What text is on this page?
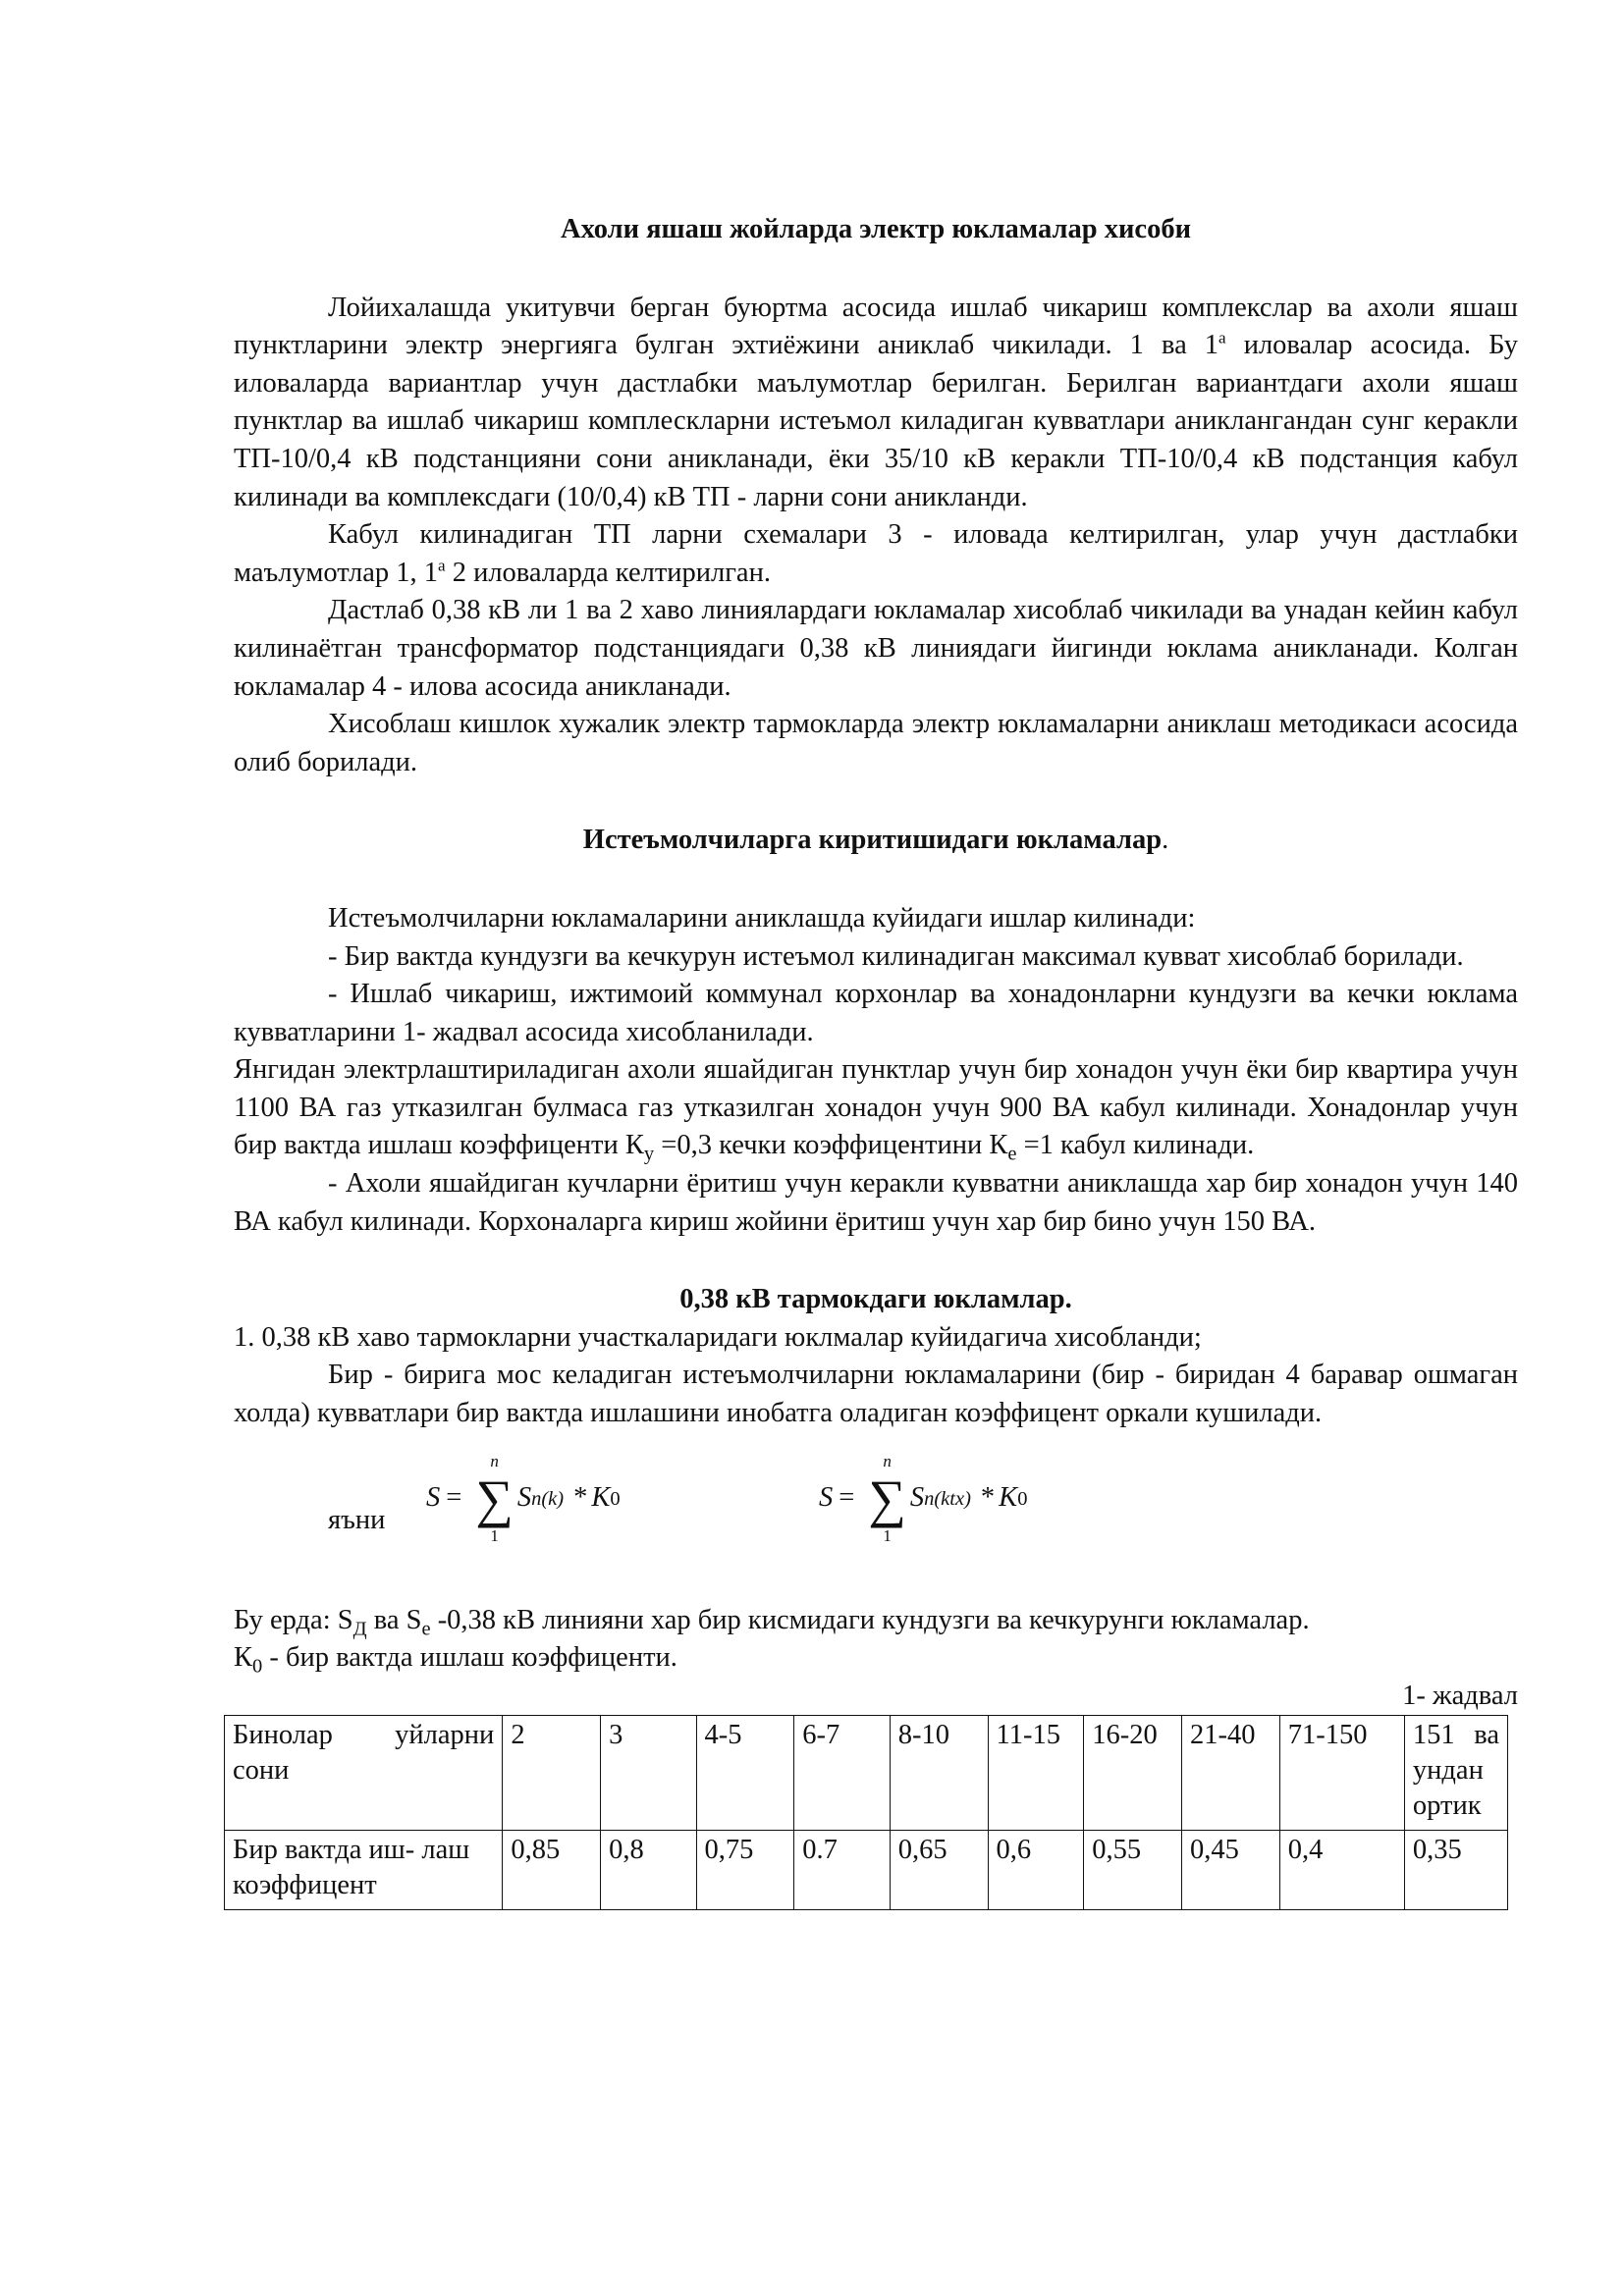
Ахоли яшаш жойларда электр юкламалар хисоби

Лойихалашда укитувчи берган буюртма асосида ишлаб чикариш комплекслар ва ахоли яшаш пунктларини электр энергияга булган эхтиёжини аниклаб чикилади. 1 ва $1^а$ иловалар асосида. Бу иловаларда вариантлар учун дастлабки маълумотлар берилган. Берилган вариантдаги ахоли яшаш пунктлар ва ишлаб чикариш комплескларни истеъмол киладиган кувватлари аниклангандан сунг керакли ТП-10/0,4 кВ подстанцияни сони аникланади, ёки 35/10 кВ керакли ТП-10/0,4 кВ подстанция кабул килинади ва комплексдаги (10/0,4) кВ ТП - ларни сони аникланди.

Кабул килинадиган ТП ларни схемалари 3 - иловада келтирилган, улар учун дастлабки маълумотлар 1, $1^а$ 2 иловаларда келтирилган.

Дастлаб 0,38 кВ ли 1 ва 2 хаво линиялардаги юкламалар хисоблаб чикилади ва унадан кейин кабул килинаётган трансформатор подстанциядаги 0,38 кВ линиядаги йигинди юклама аникланади. Колган юкламалар 4 - илова асосида аникланади.

Хисоблаш кишлок хужалик электр тармокларда электр юкламаларни аниклаш методикаси асосида олиб борилади.

Истеъмолчиларга киритишидаги юкламалар.

Истеъмолчиларни юкламаларини аниклашда куйидаги ишлар килинади:

- Бир вактда кундузги ва кечкурун истеъмол килинадиган максимал кувват хисоблаб борилади.

- Ишлаб чикариш, ижтимоий коммунал корхонлар ва хонадонларни кундузги ва кечки юклама кувватларини 1- жадвал асосида хисобланилади.

Янгидан электрлаштириладиган ахоли яшайдиган пунктлар учун бир хонадон учун ёки бир квартира учун 1100 ВА газ утказилган булмаса газ утказилган хонадон учун 900 ВА кабул килинади. Хонадонлар учун бир вактда ишлаш коэффиценти $К_у =0,3$ кечки коэффицентини $К_е =1$ кабул килинади.

- Ахоли яшайдиган кучларни ёритиш учун керакли кувватни аниклашда хар бир хонадон учун 140 ВА кабул килинади. Корхоналарга кириш жойини ёритиш учун хар бир бино учун 150 ВА.

0,38 кВ тармокдаги юкламлар.

1. 0,38 кВ хаво тармокларни участкаларидаги юклмалар куйидагича хисобланди;

Бир - бирига мос келадиган истеъмолчиларни юкламаларини (бир - биридан 4 баравар ошмаган холда) кувватлари бир вактда ишлашини инобатга оладиган коэффицент оркали кушилади.

яъни
S =
n
∑
1
S n(k) * K 0	S =
n
∑
1
S n(ktx) * K 0

Бу ерда: $S_Д$ ва $S_е$ -0,38 кВ линияни хар бир кисмидаги кундузги ва кечкурунги юкламалар.

$К_0$ - бир вактда ишлаш коэффиценти.

1- жадвал
Бинолар уйларни сони	2	3	4-5	6-7	8-10	11-15	16-20	21-40	71-150	151 ва ундан ортик
Бир вактда иш- лаш коэффицент	0,85	0,8	0,75	0.7	0,65	0,6	0,55	0,45	0,4	0,35
